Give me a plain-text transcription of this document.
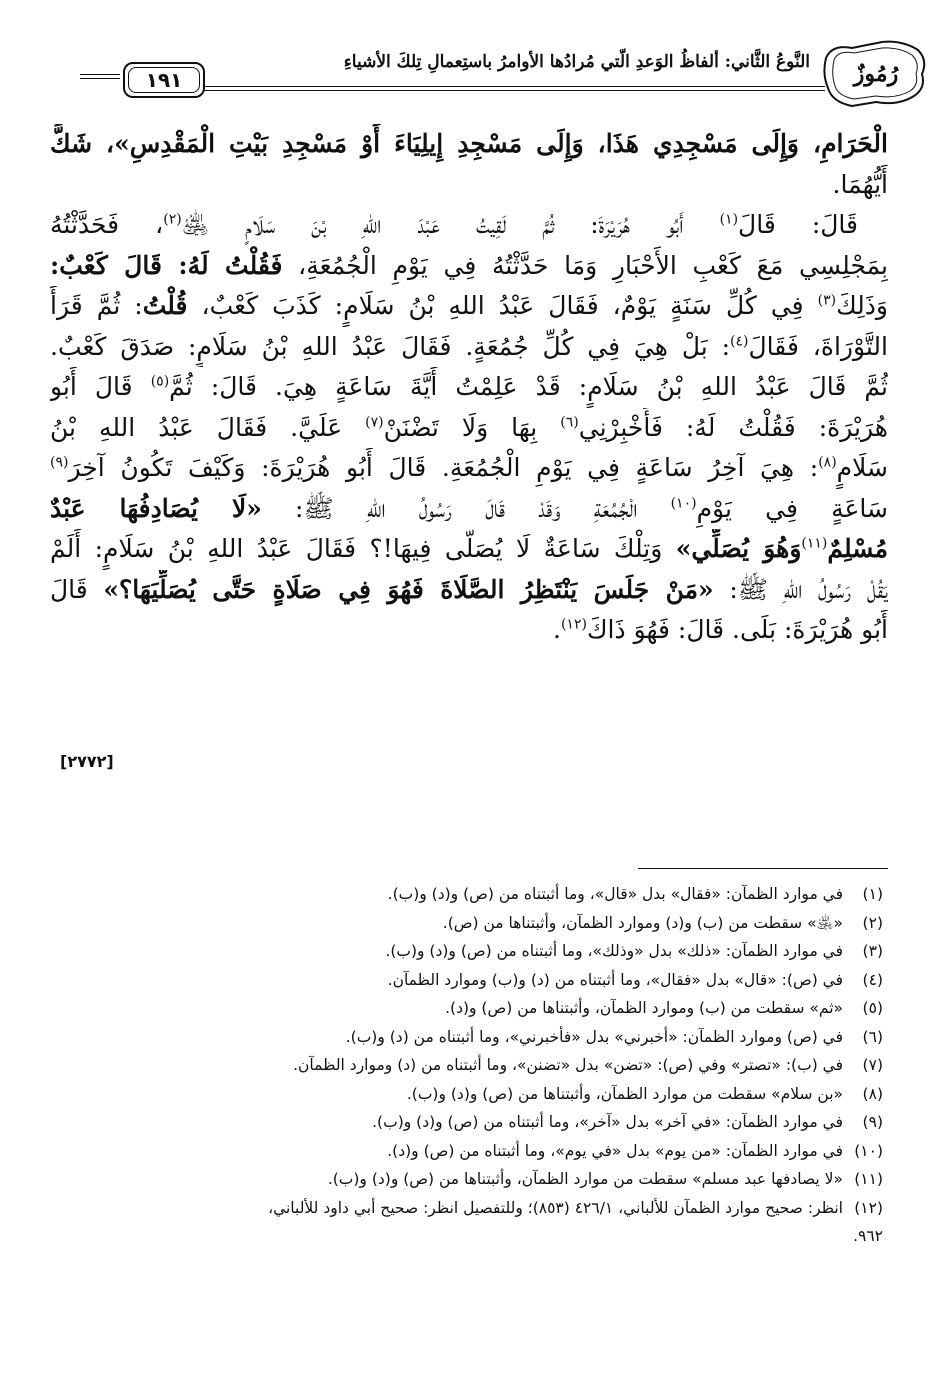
رُمُوزٌ
النَّوعُ الثَّاني: ألفاظُ الوَعدِ الّتي مُرادُها الأوامرُ باستِعمالِ تِلكَ الأشياءِ
١٩١
الْحَرَامِ، وَإِلَى مَسْجِدِي هَذَا، وَإِلَى مَسْجِدِ إِيلِيَاءَ أَوْ مَسْجِدِ بَيْتِ الْمَقْدِسِ»، شَكَّ
أَيُّهُمَا.
قَالَ: قَالَ$^{(١)}$ أَبُو هُرَيْرَةَ: ثُمَّ لَقِيتُ عَبْدَ اللهِ بْنَ سَلَامٍ ﵁$^{(٢)}$، فَحَدَّثْتُهُ
بِمَجْلِسِي مَعَ كَعْبِ الأَحْبَارِ وَمَا حَدَّثْتُهُ فِي يَوْمِ الْجُمُعَةِ، فَقُلْتُ لَهُ: قَالَ كَعْبٌ:
وَذَلِكَ$^{(٣)}$ فِي كُلِّ سَنَةٍ يَوْمٌ، فَقَالَ عَبْدُ اللهِ بْنُ سَلَامٍ: كَذَبَ كَعْبٌ، قُلْتُ: ثُمَّ قَرَأَ
التَّوْرَاةَ، فَقَالَ$^{(٤)}$: بَلْ هِيَ فِي كُلِّ جُمُعَةٍ. فَقَالَ عَبْدُ اللهِ بْنُ سَلَامٍ: صَدَقَ كَعْبٌ.
ثُمَّ قَالَ عَبْدُ اللهِ بْنُ سَلَامٍ: قَدْ عَلِمْتُ أَيَّةَ سَاعَةٍ هِيَ. قَالَ: ثُمَّ$^{(٥)}$ قَالَ أَبُو
هُرَيْرَةَ: فَقُلْتُ لَهُ: فَأَخْبِرْنِي$^{(٦)}$ بِهَا وَلَا تَضْنَنْ$^{(٧)}$ عَلَيَّ. فَقَالَ عَبْدُ اللهِ بْنُ
سَلَامٍ$^{(٨)}$: هِيَ آخِرُ سَاعَةٍ فِي يَوْمِ الْجُمُعَةِ. قَالَ أَبُو هُرَيْرَةَ: وَكَيْفَ تَكُونُ آخِرَ$^{(٩)}$
سَاعَةٍ فِي يَوْمِ$^{(١٠)}$ الْجُمُعَةِ وَقَدْ قَالَ رَسُولُ اللهِ ﷺ: «لَا يُصَادِفُهَا عَبْدٌ
مُسْلِمٌ$^{(١١)}$وَهُوَ يُصَلِّي» وَتِلْكَ سَاعَةٌ لَا يُصَلَّى فِيهَا!؟ فَقَالَ عَبْدُ اللهِ بْنُ سَلَامٍ: أَلَمْ
يَقُلْ رَسُولُ اللهِ ﷺ: «مَنْ جَلَسَ يَنْتَظِرُ الصَّلَاةَ فَهُوَ فِي صَلَاةٍ حَتَّى يُصَلِّيَهَا؟» قَالَ
أَبُو هُرَيْرَةَ: بَلَى. قَالَ: فَهُوَ ذَاكَ$^{(١٢)}$.
[٢٧٧٢]
(١)في موارد الظمآن: «فقال» بدل «قال»، وما أثبتناه من (ص) و(د) و(ب).
(٢)«﵁» سقطت من (ب) و(د) وموارد الظمآن، وأثبتناها من (ص).
(٣)في موارد الظمآن: «ذلك» بدل «وذلك»، وما أثبتناه من (ص) و(د) و(ب).
(٤)في (ص): «قال» بدل «فقال»، وما أثبتناه من (د) و(ب) وموارد الظمآن.
(٥)«ثم» سقطت من (ب) وموارد الظمآن، وأثبتناها من (ص) و(د).
(٦)في (ص) وموارد الظمآن: «أخبرني» بدل «فأخبرني»، وما أثبتناه من (د) و(ب).
(٧)في (ب): «تصتر» وفي (ص): «تضن» بدل «تضنن»، وما أثبتناه من (د) وموارد الظمآن.
(٨)«بن سلام» سقطت من موارد الظمآن، وأثبتناها من (ص) و(د) و(ب).
(٩)في موارد الظمآن: «في آخر» بدل «آخر»، وما أثبتناه من (ص) و(د) و(ب).
(١٠)في موارد الظمآن: «من يوم» بدل «في يوم»، وما أثبتناه من (ص) و(د).
(١١)«لا يصادفها عبد مسلم» سقطت من موارد الظمآن، وأثبتناها من (ص) و(د) و(ب).
(١٢)انظر: صحيح موارد الظمآن للألباني، ٤٢٦/١ (٨٥٣)؛ وللتفصيل انظر: صحيح أبي داود للألباني،
٩٦٢.
